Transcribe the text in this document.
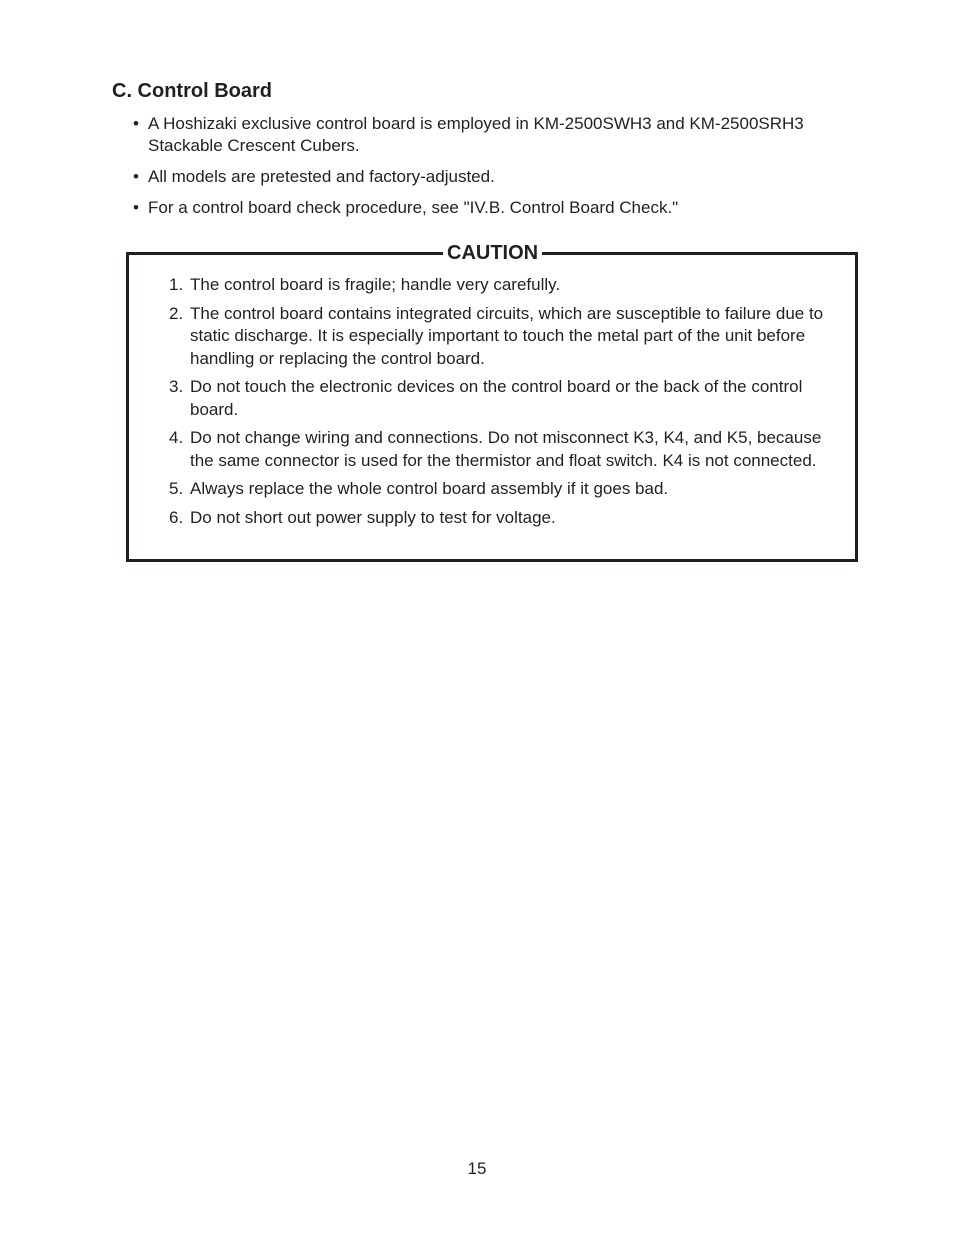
C. Control Board
• A Hoshizaki exclusive control board is employed in KM-2500SWH3 and KM-2500SRH3 Stackable Crescent Cubers.
• All models are pretested and factory-adjusted.
• For a control board check procedure, see "IV.B. Control Board Check."
CAUTION
1. The control board is fragile; handle very carefully.
2. The control board contains integrated circuits, which are susceptible to failure due to static discharge. It is especially important to touch the metal part of the unit before handling or replacing the control board.
3. Do not touch the electronic devices on the control board or the back of the control board.
4. Do not change wiring and connections. Do not misconnect K3, K4, and K5, because the same connector is used for the thermistor and float switch. K4 is not connected.
5. Always replace the whole control board assembly if it goes bad.
6. Do not short out power supply to test for voltage.
15
